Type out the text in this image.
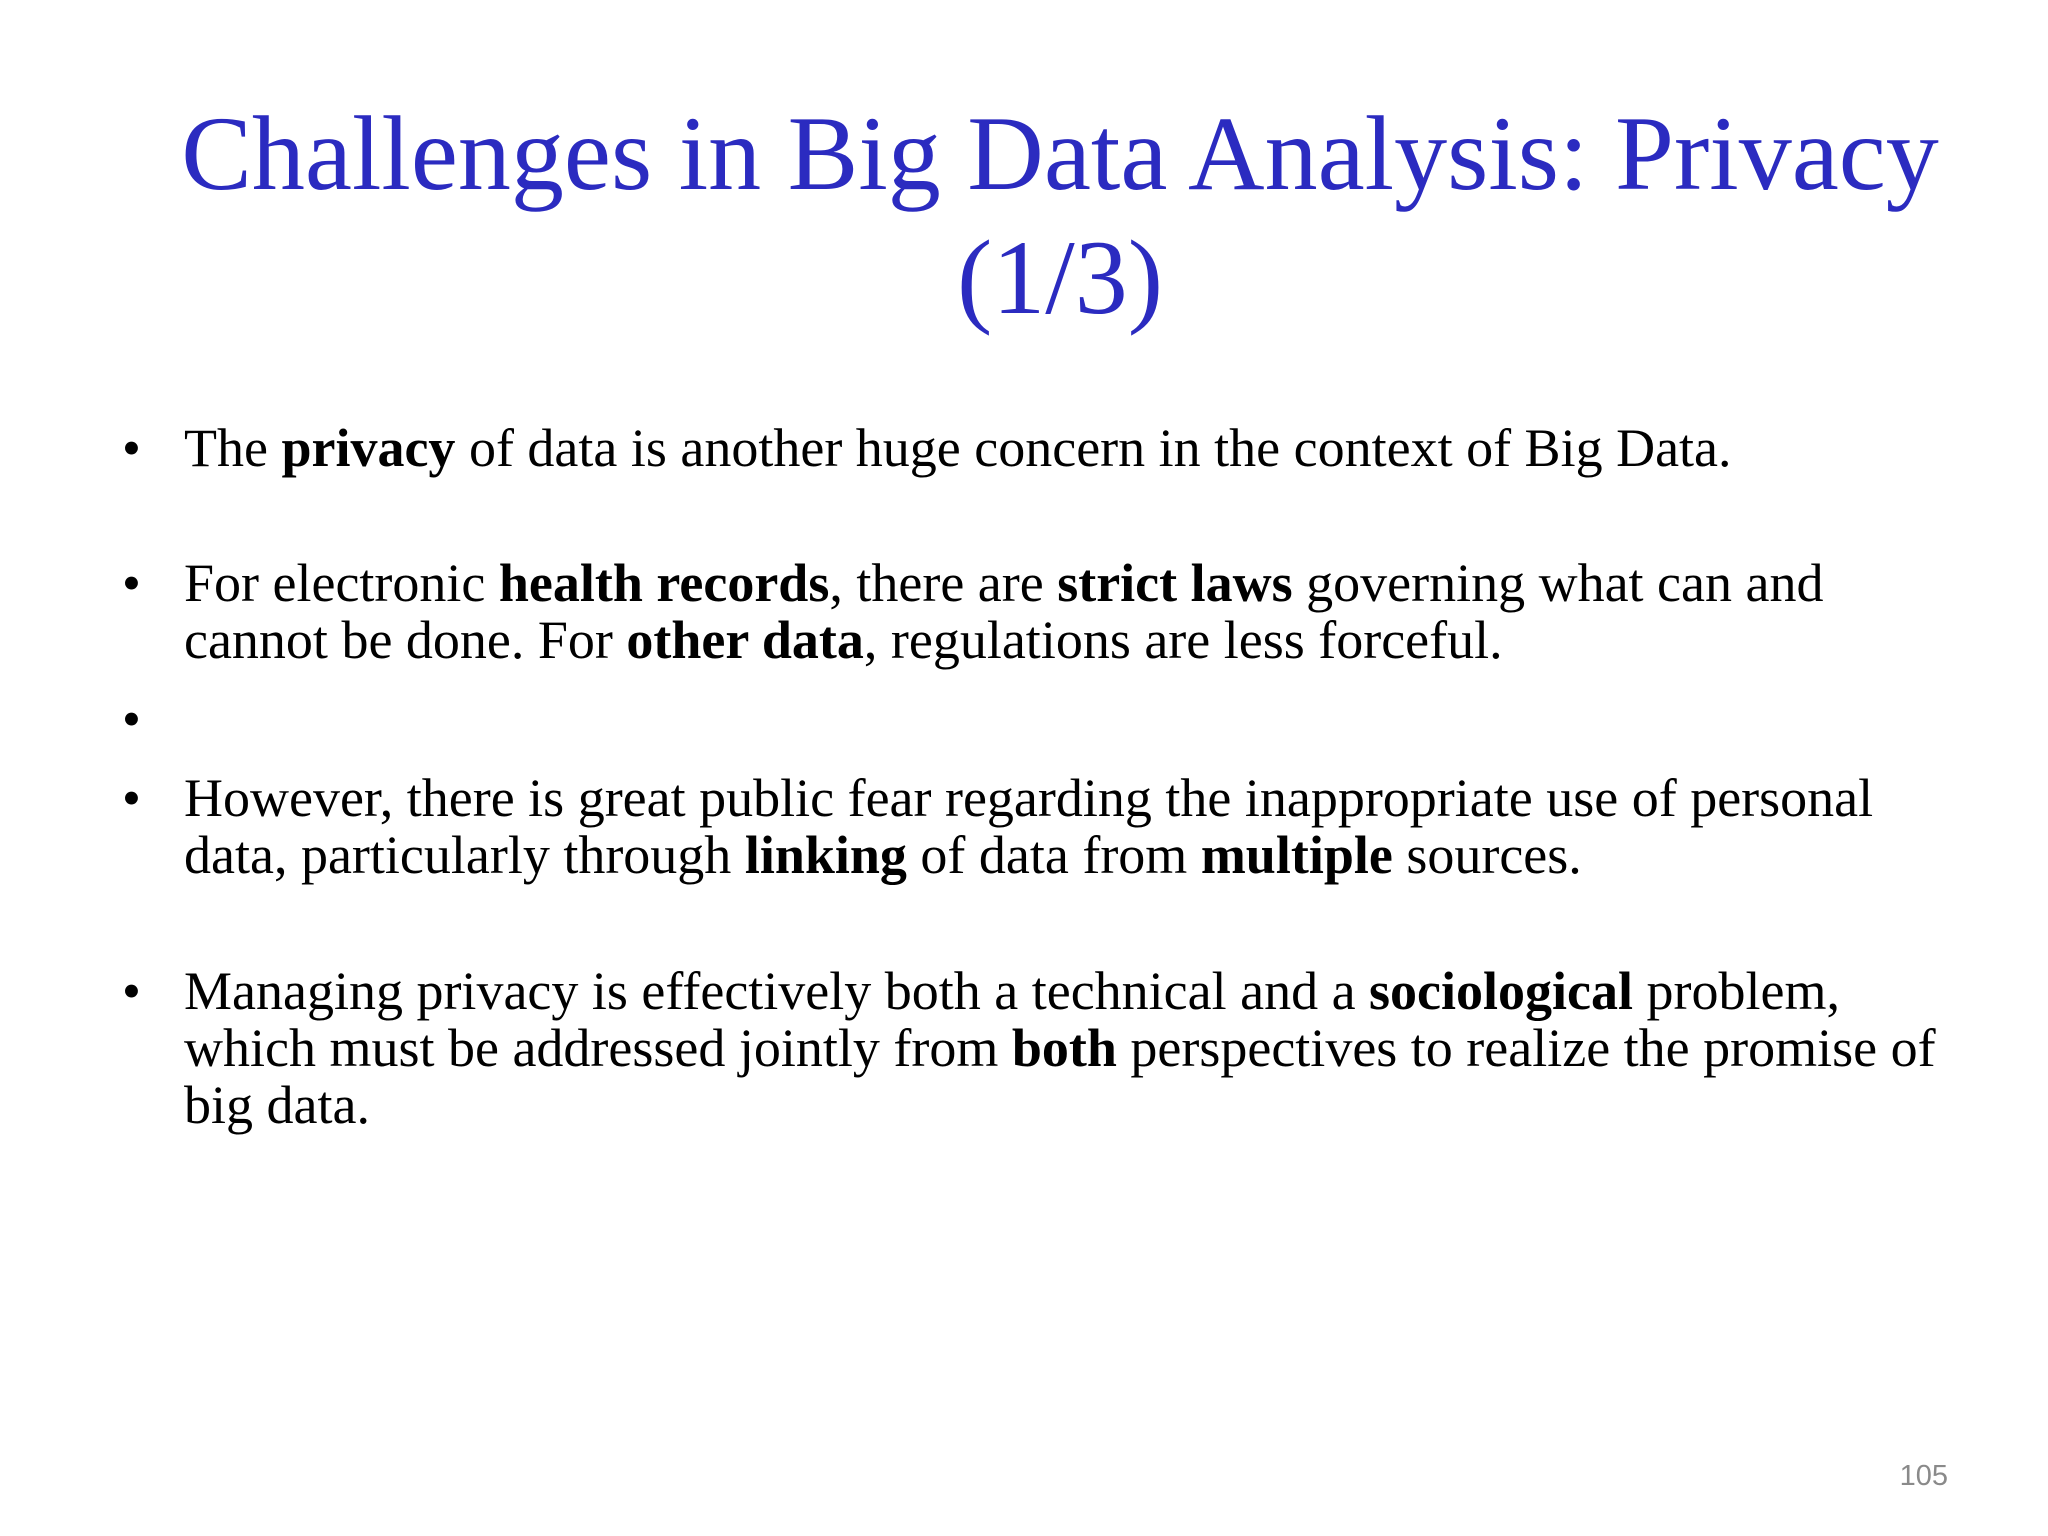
Challenges in Big Data Analysis: Privacy
(1/3)
• The privacy of data is another huge concern in the context of Big Data.
• For electronic health records, there are strict laws governing what can and cannot be done. For other data, regulations are less forceful.
•
• However, there is great public fear regarding the inappropriate use of personal data, particularly through linking of data from multiple sources.
• Managing privacy is effectively both a technical and a sociological problem, which must be addressed jointly from both perspectives to realize the promise of big data.
105
